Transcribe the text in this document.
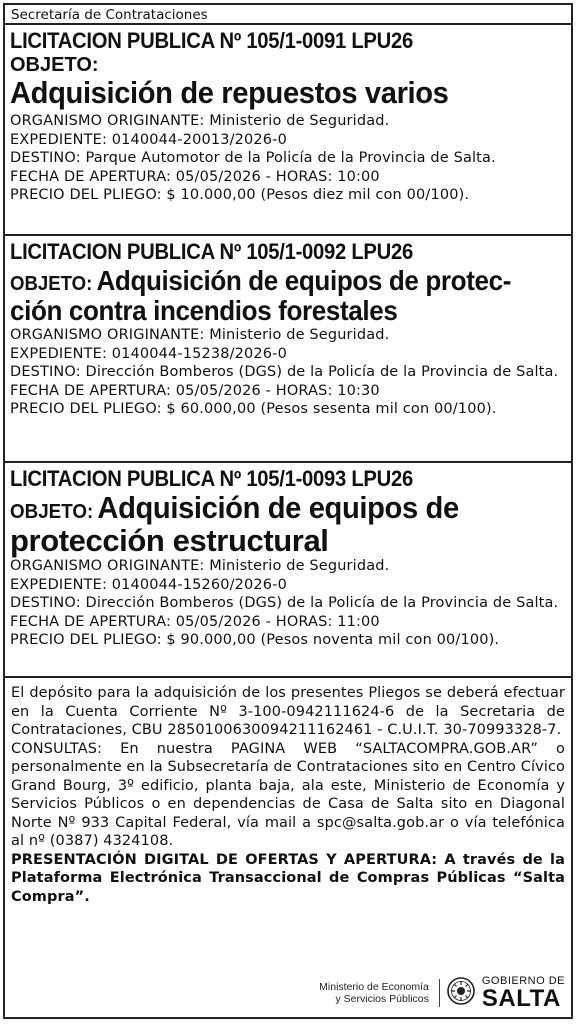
Secretaría de Contrataciones
LICITACION PUBLICA Nº 105/1-0091 LPU26
OBJETO:
Adquisición de repuestos varios
ORGANISMO ORIGINANTE: Ministerio de Seguridad.
EXPEDIENTE: 0140044-20013/2026-0
DESTINO: Parque Automotor de la Policía de la Provincia de Salta.
FECHA DE APERTURA: 05/05/2026 - HORAS: 10:00
PRECIO DEL PLIEGO: $ 10.000,00 (Pesos diez mil con 00/100).
LICITACION PUBLICA Nº 105/1-0092 LPU26
OBJETO: Adquisición de equipos de protec-
ción contra incendios forestales
ORGANISMO ORIGINANTE: Ministerio de Seguridad.
EXPEDIENTE: 0140044-15238/2026-0
DESTINO: Dirección Bomberos (DGS) de la Policía de la Provincia de Salta.
FECHA DE APERTURA: 05/05/2026 - HORAS: 10:30
PRECIO DEL PLIEGO: $ 60.000,00 (Pesos sesenta mil con 00/100).
LICITACION PUBLICA Nº 105/1-0093 LPU26
OBJETO: Adquisición de equipos de
protección estructural
ORGANISMO ORIGINANTE: Ministerio de Seguridad.
EXPEDIENTE: 0140044-15260/2026-0
DESTINO: Dirección Bomberos (DGS) de la Policía de la Provincia de Salta. FECHA DE APERTURA: 05/05/2026 - HORAS: 11:00
PRECIO DEL PLIEGO: $ 90.000,00 (Pesos noventa mil con 00/100).
El depósito para la adquisición de los presentes Pliegos se deberá efectuar en la Cuenta Corriente Nº 3-100-0942111624-6 de la Secretaria de Contrataciones, CBU 2850100630094211162461 - C.U.I.T. 30-70993328-7.
CONSULTAS: En nuestra PAGINA WEB “SALTACOMPRA.GOB.AR” o personalmente en la Subsecretaría de Contrataciones sito en Centro Cívico Grand Bourg, 3º edificio, planta baja, ala este, Ministerio de Economía y Servicios Públicos o en dependencias de Casa de Salta sito en Diagonal Norte Nº 933 Capital Federal, vía mail a spc@salta.gob.ar o vía telefónica al nº (0387) 4324108.
PRESENTACIÓN DIGITAL DE OFERTAS Y APERTURA: A través de la Plataforma Electrónica Transaccional de Compras Públicas “Salta Compra”.
Ministerio de Economía
y Servicios Públicos
GOBIERNO DE
SALTA
